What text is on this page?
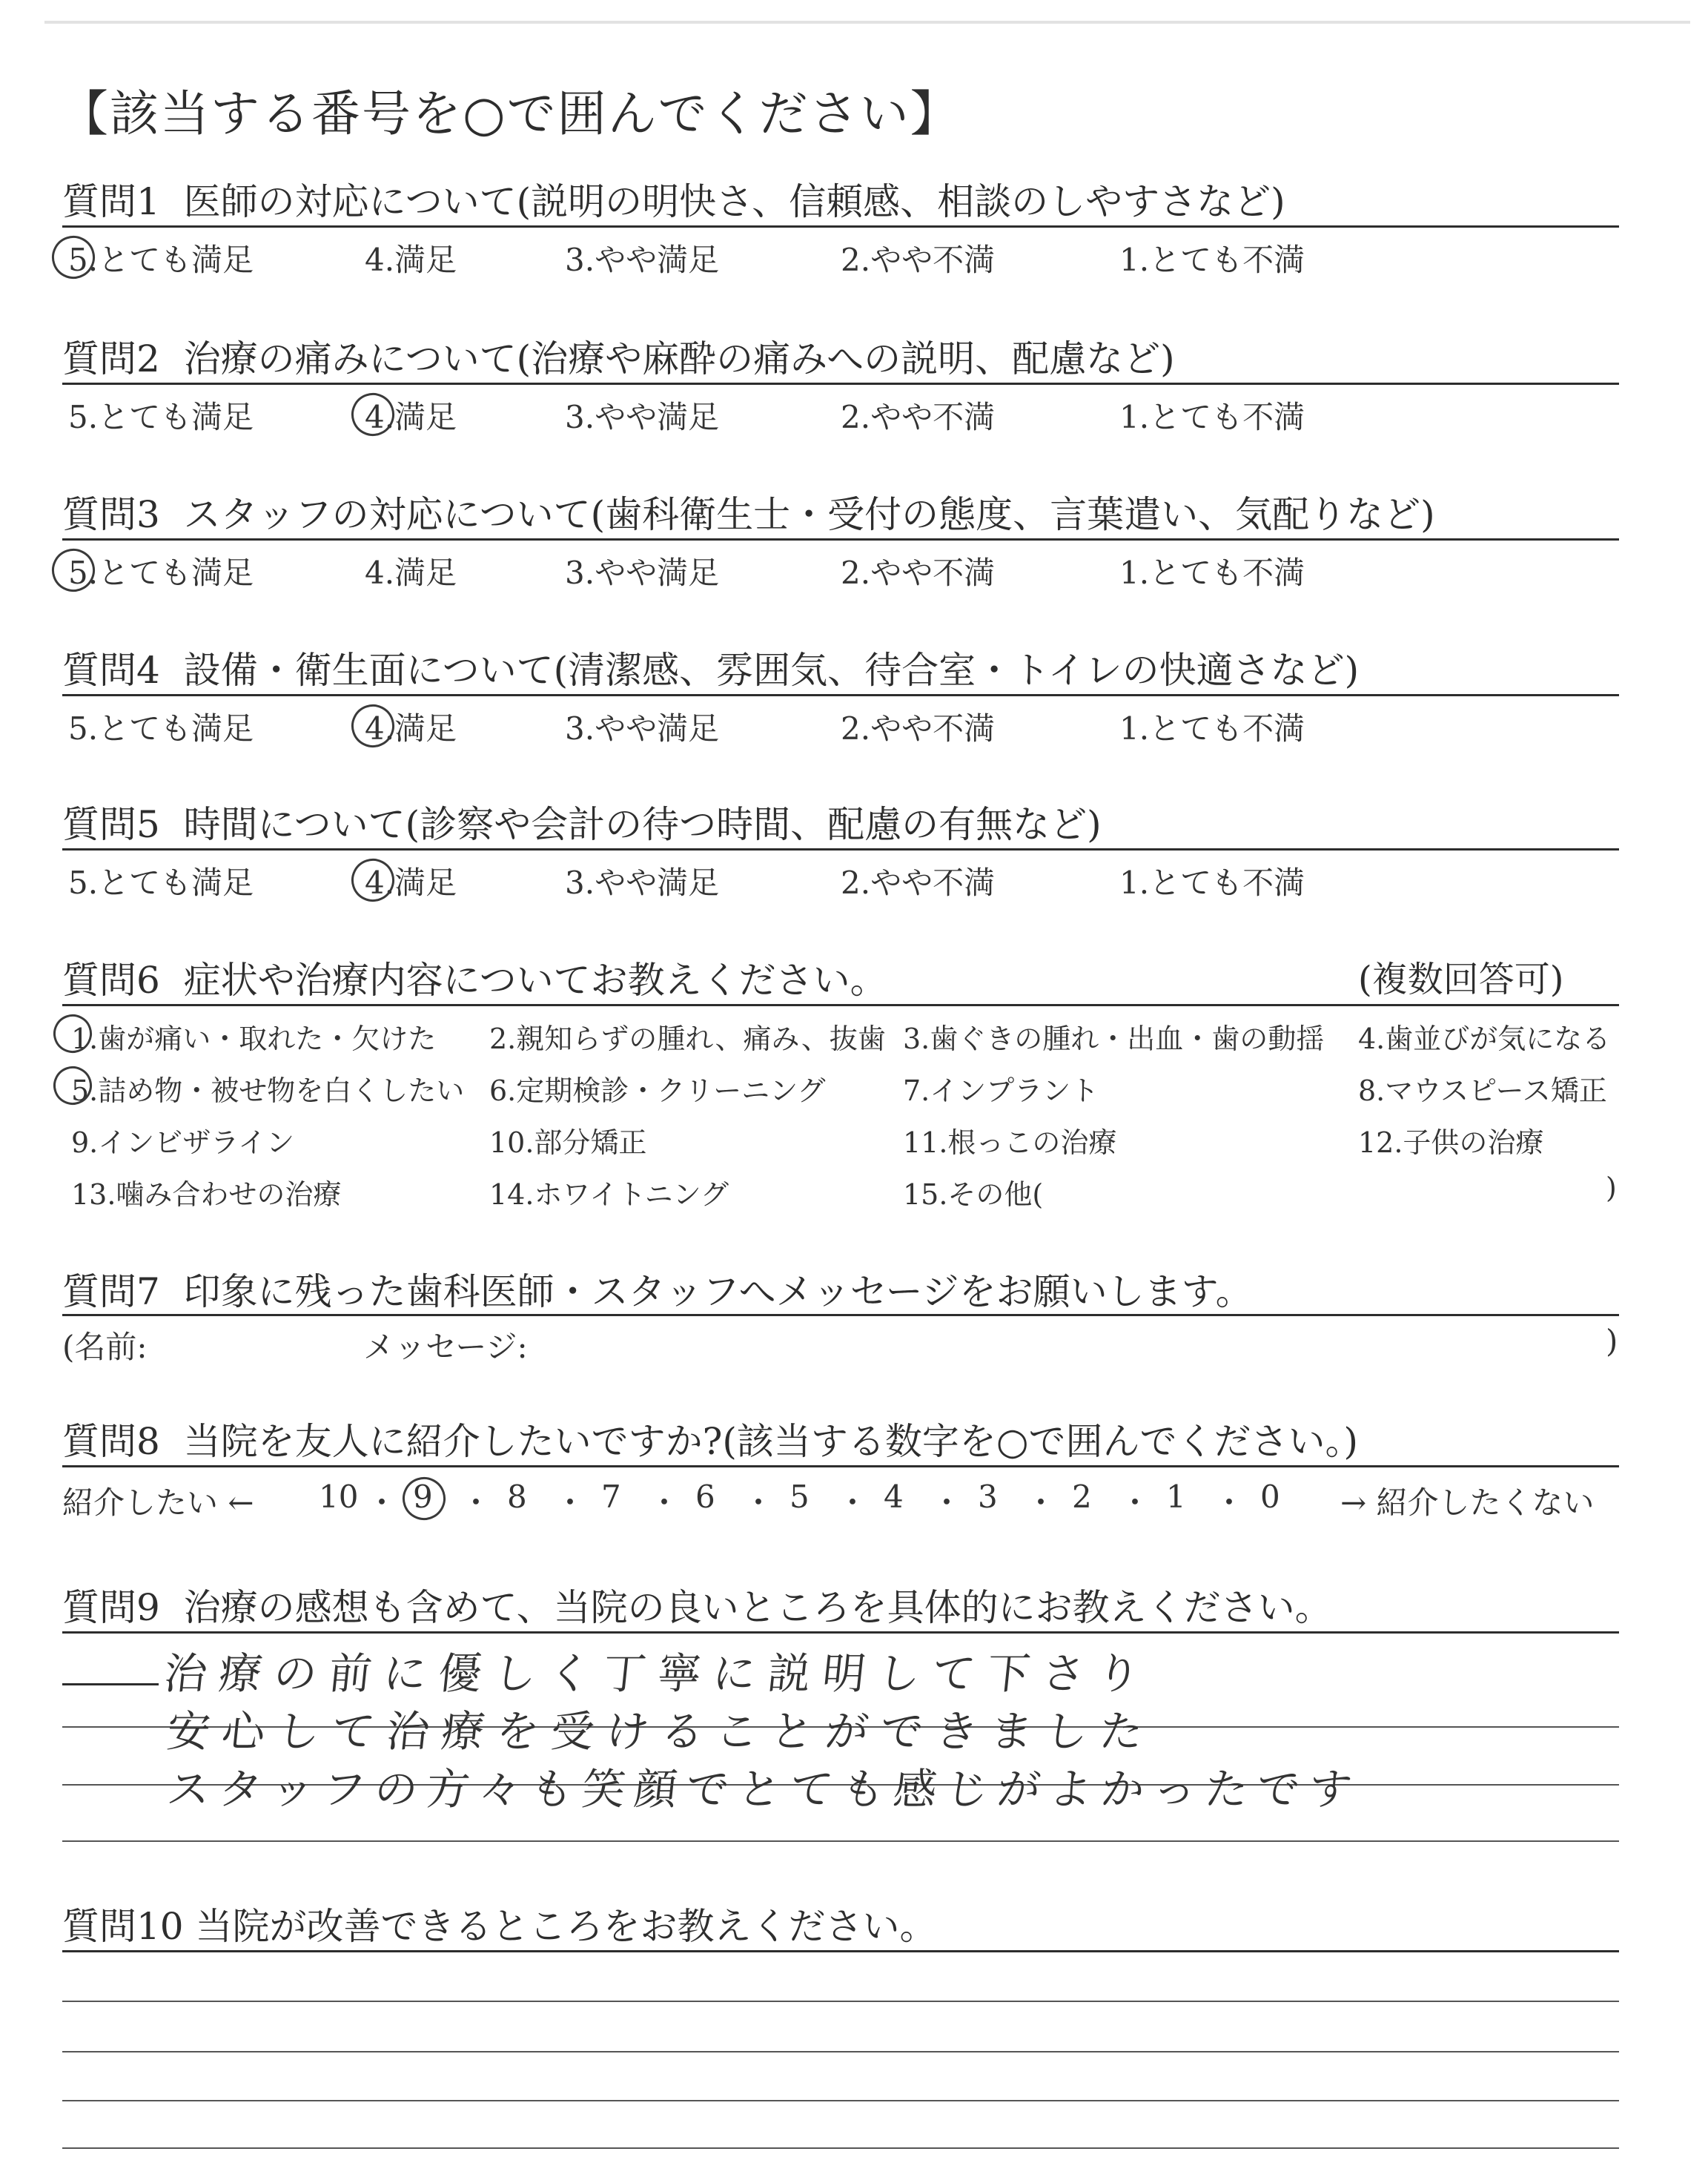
【該当する番号を○で囲んでください】
質問1 医師の対応について(説明の明快さ、信頼感、相談のしやすさなど)
5.とても満足	4.満足	3.やや満足	2.やや不満	1.とても不満
質問2 治療の痛みについて(治療や麻酔の痛みへの説明、配慮など)
5.とても満足	4.満足	3.やや満足	2.やや不満	1.とても不満
質問3 スタッフの対応について(歯科衛生士・受付の態度、言葉遣い、気配りなど)
5.とても満足	4.満足	3.やや満足	2.やや不満	1.とても不満
質問4 設備・衛生面について(清潔感、雰囲気、待合室・トイレの快適さなど)
5.とても満足	4.満足	3.やや満足	2.やや不満	1.とても不満
質問5 時間について(診察や会計の待つ時間、配慮の有無など)
5.とても満足	4.満足	3.やや満足	2.やや不満	1.とても不満
質問6 症状や治療内容についてお教えください。	(複数回答可)
1.歯が痛い・取れた・欠けた 2.親知らずの腫れ、痛み、抜歯 3.歯ぐきの腫れ・出血・歯の動揺 4.歯並びが気になる
5.詰め物・被せ物を白くしたい 6.定期検診・クリーニング	7.インプラント	8.マウスピース矯正
9.インビザライン	10.部分矯正	11.根っこの治療	12.子供の治療
13.噛み合わせの治療	14.ホワイトニング	15.その他(	)
質問7 印象に残った歯科医師・スタッフへメッセージをお願いします。
(名前:	メッセージ:	)
質問8 当院を友人に紹介したいですか?(該当する数字を○で囲んでください。)
紹介したい ←	→ 紹介したくない
10 ・ 9 ・ 8 ・ 7 ・ 6 ・ 5 ・ 4 ・ 3 ・ 2 ・ 1 ・ 0
質問9 治療の感想も含めて、当院の良いところを具体的にお教えください。
治療の前に優しく丁寧に説明して下さり
安心して治療を受けることができました
スタッフの方々も笑顔でとても感じがよかったです
質問10 当院が改善できるところをお教えください。
